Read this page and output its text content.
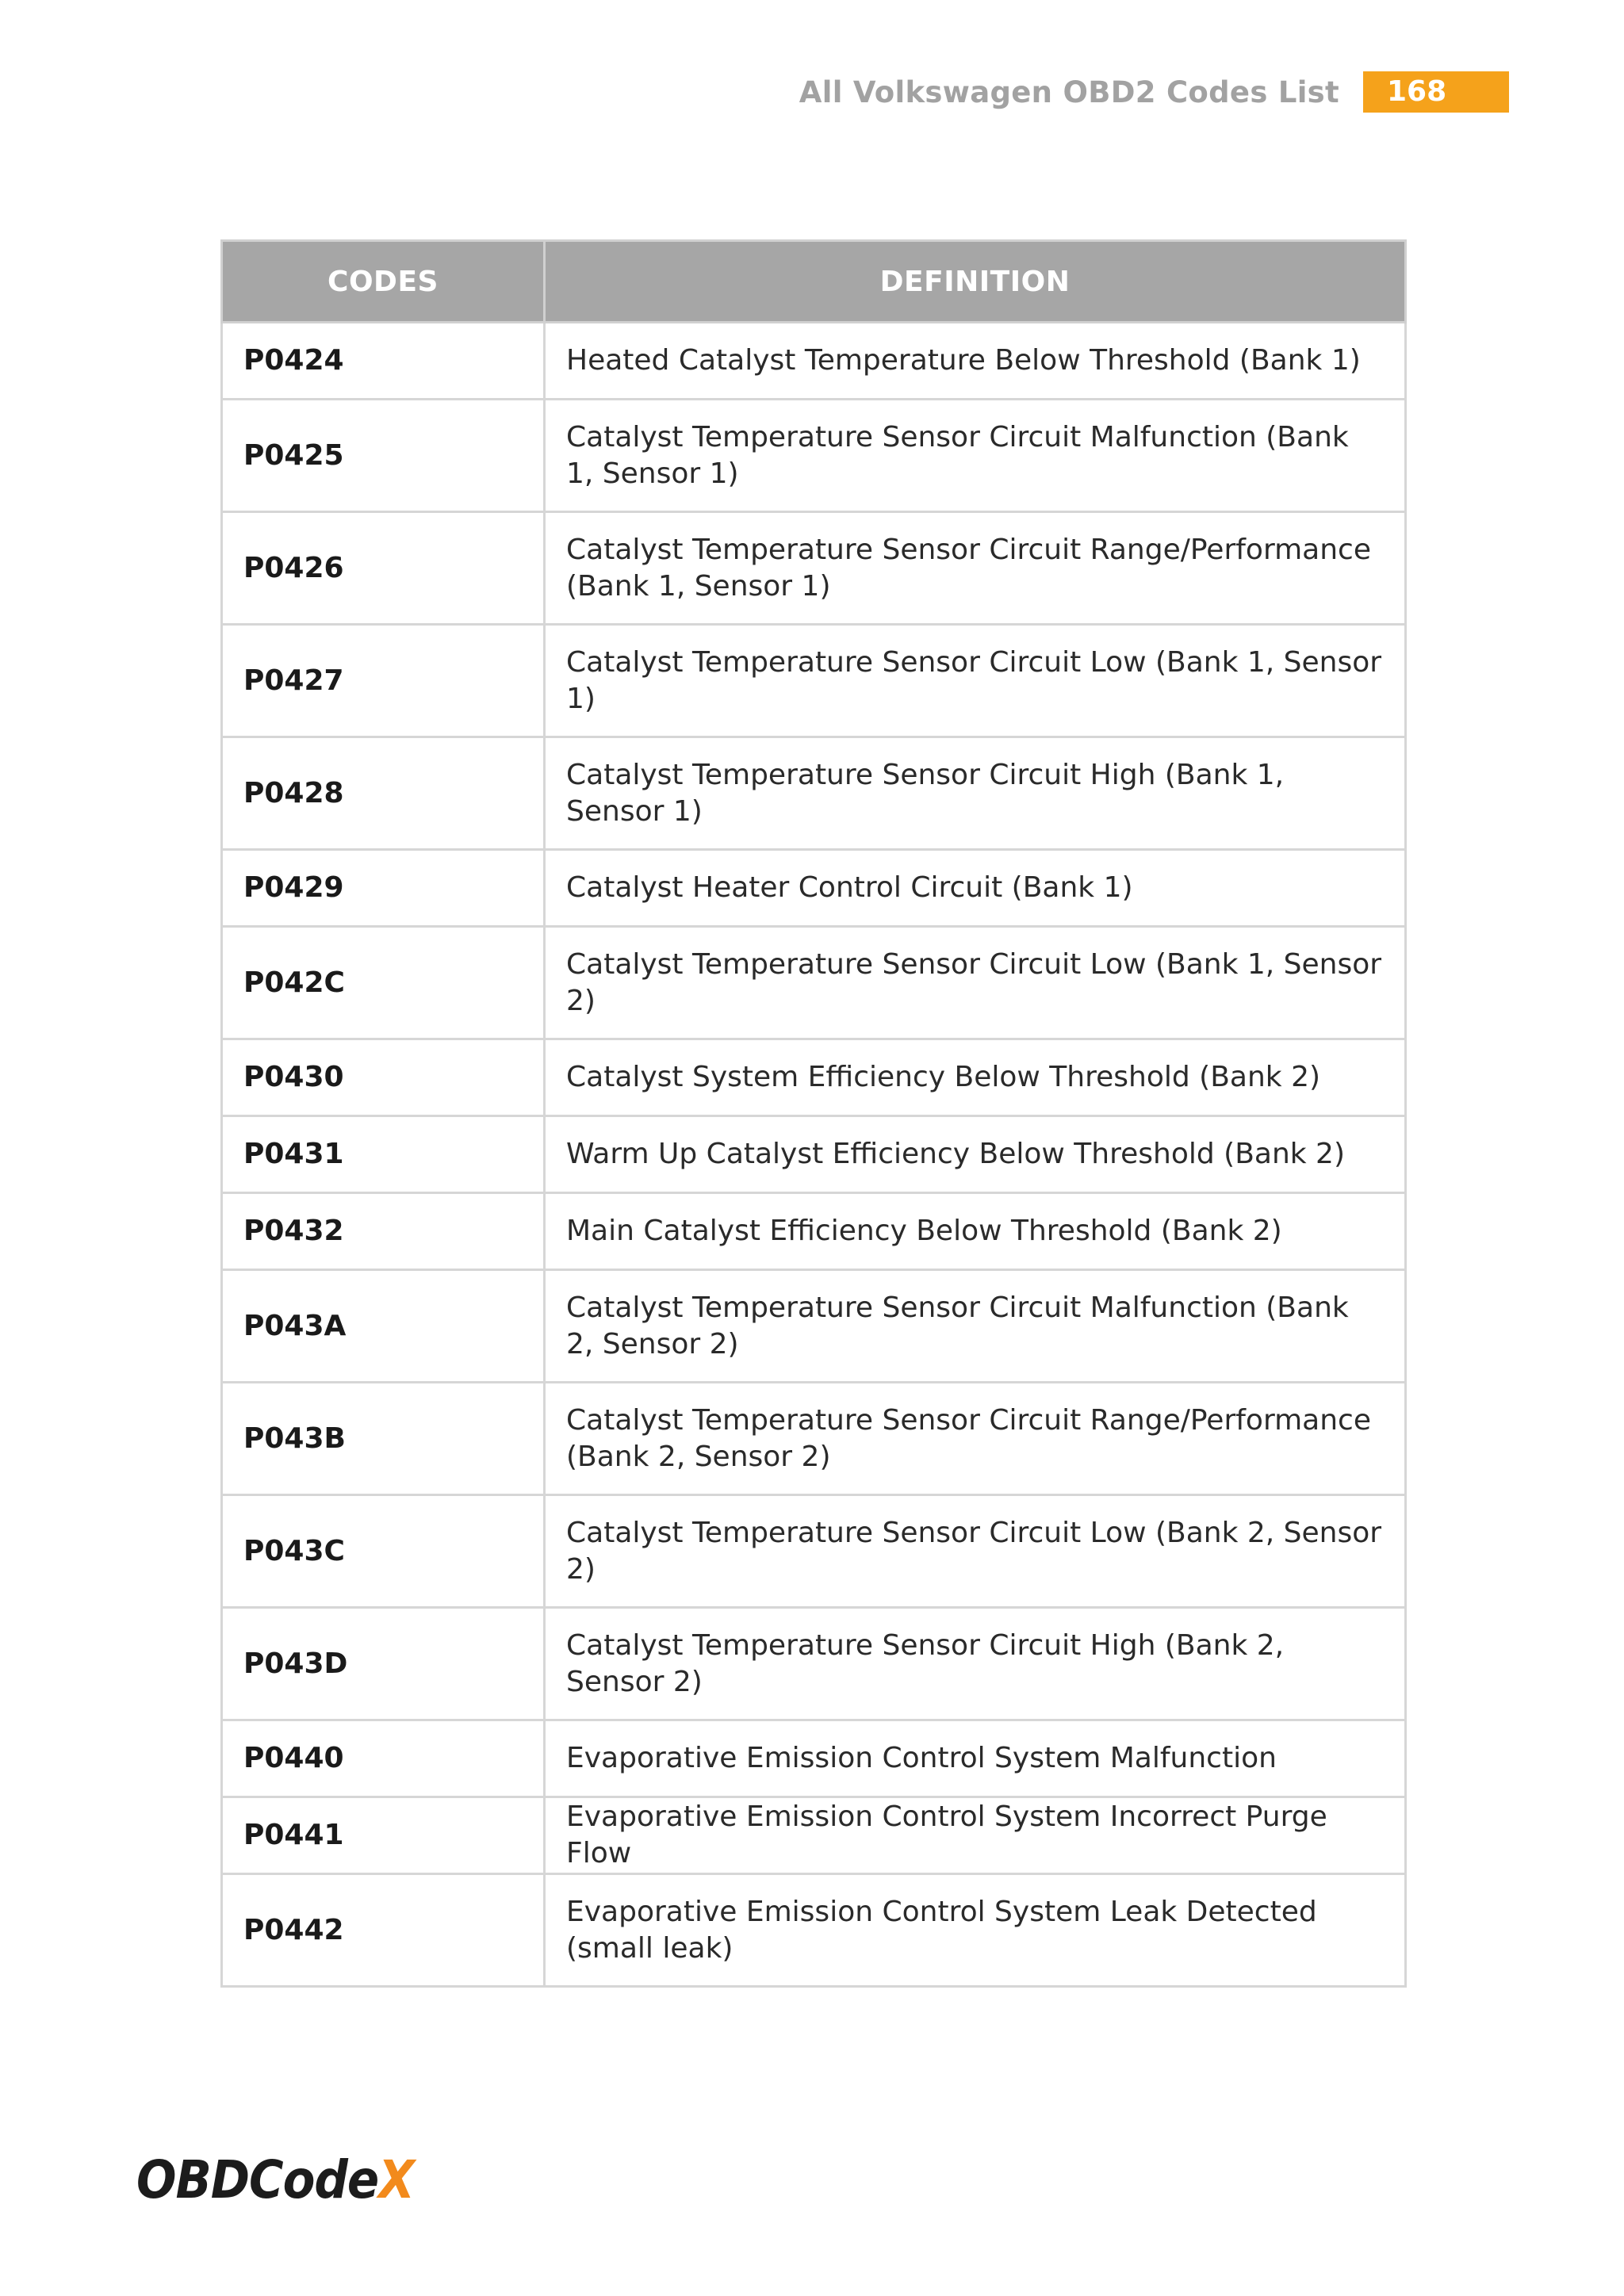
All Volkswagen OBD2 Codes List	168
CODES	DEFINITION
P0424	Heated Catalyst Temperature Below Threshold (Bank 1)
P0425	Catalyst Temperature Sensor Circuit Malfunction (Bank 1, Sensor 1)
P0426	Catalyst Temperature Sensor Circuit Range/Performance (Bank 1, Sensor 1)
P0427	Catalyst Temperature Sensor Circuit Low (Bank 1, Sensor 1)
P0428	Catalyst Temperature Sensor Circuit High (Bank 1, Sensor 1)
P0429	Catalyst Heater Control Circuit (Bank 1)
P042C	Catalyst Temperature Sensor Circuit Low (Bank 1, Sensor 2)
P0430	Catalyst System Efficiency Below Threshold (Bank 2)
P0431	Warm Up Catalyst Efficiency Below Threshold (Bank 2)
P0432	Main Catalyst Efficiency Below Threshold (Bank 2)
P043A	Catalyst Temperature Sensor Circuit Malfunction (Bank 2, Sensor 2)
P043B	Catalyst Temperature Sensor Circuit Range/Performance (Bank 2, Sensor 2)
P043C	Catalyst Temperature Sensor Circuit Low (Bank 2, Sensor 2)
P043D	Catalyst Temperature Sensor Circuit High (Bank 2, Sensor 2)
P0440	Evaporative Emission Control System Malfunction
P0441	Evaporative Emission Control System Incorrect Purge Flow
P0442	Evaporative Emission Control System Leak Detected (small leak)
OBDCodeX
